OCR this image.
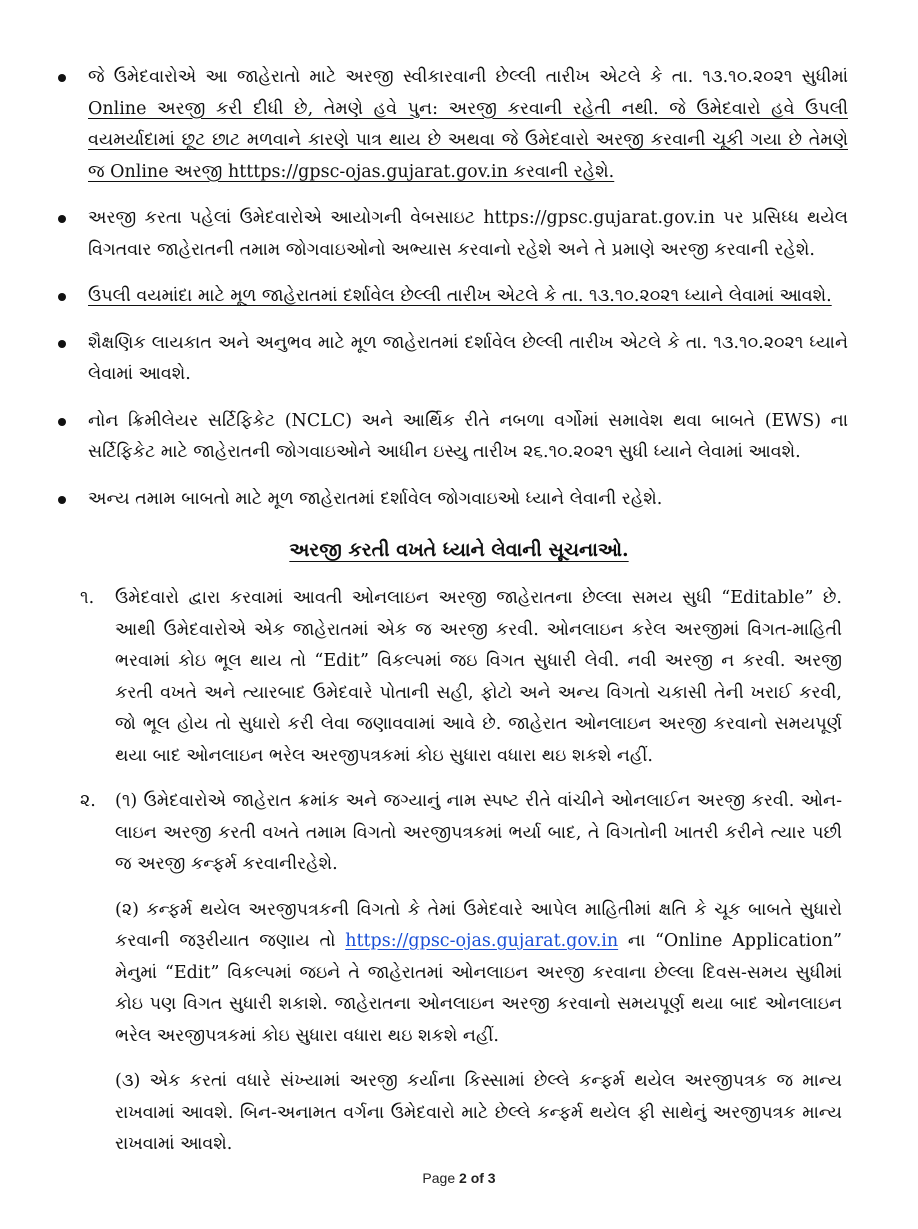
જે ઉમેદવારોએ આ જાહેરાતો માટે અરજી સ્વીકારવાની છેલ્લી તારીખ એટલે કે તા. ૧૩.૧૦.૨૦૨૧ સુધીમાં Online અરજી કરી દીધી છે, તેમણે હવે પુન: અરજી કરવાની રહેતી નથી. જે ઉમેદવારો હવે ઉપલી વયમર્યાદામાં છૂટ છાટ મળવાને કારણે પાત્ર થાય છે અથવા જે ઉમેદવારો અરજી કરવાની ચૂકી ગયા છે તેમણે જ Online અરજી htttps://gpsc-ojas.gujarat.gov.in કરવાની રહેશે.
અરજી કરતા પહેલાં ઉમેદવારોએ આયોગની વેબસાઇટ https://gpsc.gujarat.gov.in પર પ્રસિધ્ધ થયેલ વિગતવાર જાહેરાતની તમામ જોગવાઇઓનો અભ્યાસ કરવાનો રહેશે અને તે પ્રમાણે અરજી કરવાની રહેશે.
ઉપલી વયમાંદા માટે મૂળ જાહેરાતમાં દર્શાવેલ છેલ્લી તારીખ એટલે કે તા. ૧૩.૧૦.૨૦૨૧ ધ્યાને લેવામાં આવશે.
શૈક્ષણિક લાયકાત અને અનુભવ માટે મૂળ જાહેરાતમાં દર્શાવેલ છેલ્લી તારીખ એટલે કે તા. ૧૩.૧૦.૨૦૨૧ ધ્યાને લેવામાં આવશે.
નોન ક્રિમીલેયર સર્ટિફિકેટ (NCLC) અને આર્થિક રીતે નબળા વર્ગોમાં સમાવેશ થવા બાબતે (EWS) ના સર્ટિફિકેટ માટે જાહેરાતની જોગવાઇઓને આધીન ઇસ્યુ તારીખ ૨૬.૧૦.૨૦૨૧ સુધી ધ્યાને લેવામાં આવશે.
અન્ય તમામ બાબતો માટે મૂળ જાહેરાતમાં દર્શાવેલ જોગવાઇઓ ધ્યાને લેવાની રહેશે.
અરજી કરતી વખતે ધ્યાને લેવાની સૂચનાઓ.
૧. ઉમેદવારો દ્વારા કરવામાં આવતી ઓનલાઇન અરજી જાહેરાતના છેલ્લા સમય સુધી “Editable” છે. આથી ઉમેદવારોએ એક જાહેરાતમાં એક જ અરજી કરવી. ઓનલાઇન કરેલ અરજીમાં વિગત-માહિતી ભરવામાં કોઇ ભૂલ થાય તો “Edit” વિકલ્પમાં જઇ વિગત સુધારી લેવી. નવી અરજી ન કરવી. અરજી કરતી વખતે અને ત્યારબાદ ઉમેદવારે પોતાની સહી, ફોટો અને અન્ય વિગતો ચકાસી તેની ખરાઈ કરવી, જો ભૂલ હોય તો સુધારો કરી લેવા જણાવવામાં આવે છે. જાહેરાત ઓનલાઇન અરજી કરવાનો સમયપૂર્ણ થયા બાદ ઓનલાઇન ભરેલ અરજીપત્રકમાં કોઇ સુધારા વધારા થઇ શકશે નહીં.
૨. (૧) ઉમેદવારોએ જાહેરાત ક્રમાંક અને જગ્યાનું નામ સ્પષ્ટ રીતે વાંચીને ઓનલાઈન અરજી કરવી. ઓન-લાઇન અરજી કરતી વખતે તમામ વિગતો અરજીપત્રકમાં ભર્યા બાદ, તે વિગતોની ખાતરી કરીને ત્યાર પછી જ અરજી કન્ફર્મ કરવાનીરહેશે.

(૨) કન્ફર્મ થયેલ અરજીપત્રકની વિગતો કે તેમાં ઉમેદવારે આપેલ માહિતીમાં ક્ષતિ કે ચૂક બાબતે સુધારો કરવાની જરૂરીયાત જણાય તો https://gpsc-ojas.gujarat.gov.in ના “Online Application” મેનુમાં “Edit” વિકલ્પમાં જઇને તે જાહેરાતમાં ઓનલાઇન અરજી કરવાના છેલ્લા દિવસ-સમય સુધીમાં કોઇ પણ વિગત સુધારી શકાશે. જાહેરાતના ઓનલાઇન અરજી કરવાનો સમયપૂર્ણ થયા બાદ ઓનલાઇન ભરેલ અરજીપત્રકમાં કોઇ સુધારા વધારા થઇ શકશે નહીં.

(૩) એક કરતાં વધારે સંખ્યામાં અરજી કર્યાના કિસ્સામાં છેલ્લે કન્ફર્મ થયેલ અરજીપત્રક જ માન્ય રાખવામાં આવશે. બિન-અનામત વર્ગના ઉમેદવારો માટે છેલ્લે કન્ફર્મ થયેલ ફી સાથેનું અરજીપત્રક માન્ય રાખવામાં આવશે.

Page 2 of 3
